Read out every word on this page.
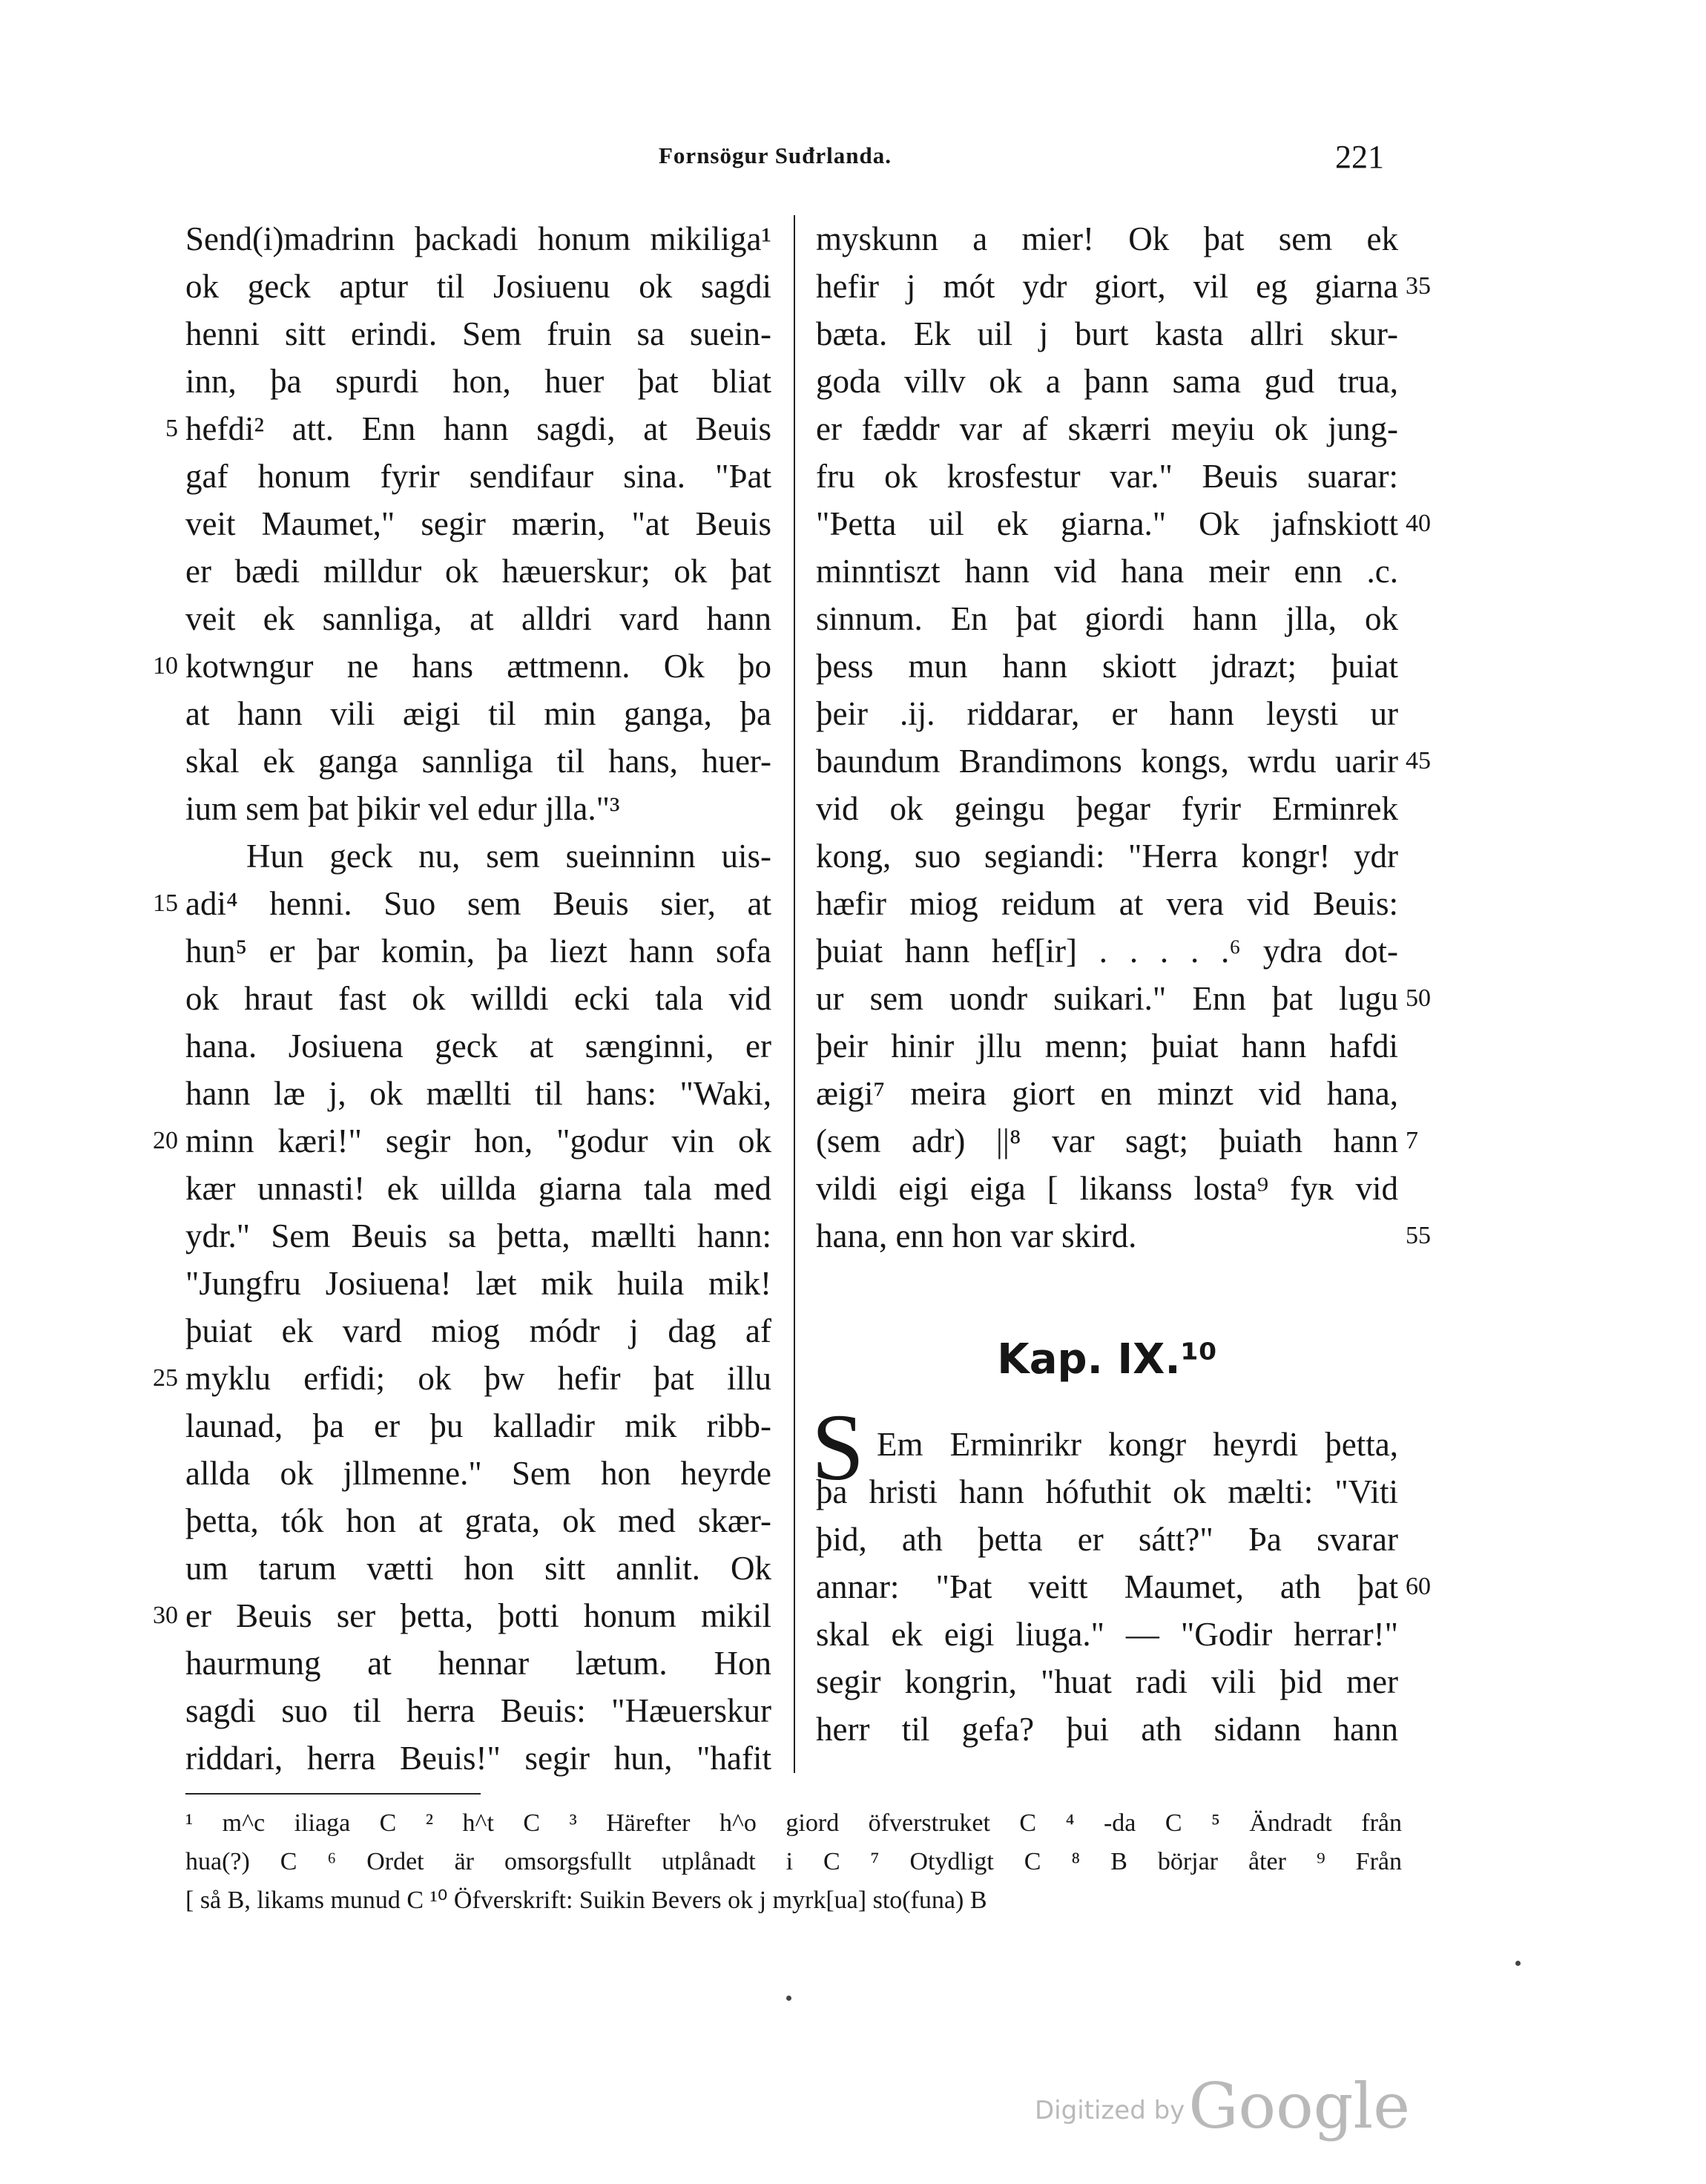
Fornsögur Suđrlanda.	221
Send(i)madrinn þackadi honum mikiliga¹
ok geck aptur til Josiuenu ok sagdi
henni sitt erindi. Sem fruin sa suein-
inn, þa spurdi hon, huer þat bliat
hefdi² att. Enn hann sagdi, at Beuis
gaf honum fyrir sendifaur sina. "Þat
veit Maumet," segir mærin, "at Beuis
er bædi milldur ok hæuerskur; ok þat
veit ek sannliga, at alldri vard hann
kotwngur ne hans ættmenn. Ok þo
at hann vili æigi til min ganga, þa
skal ek ganga sannliga til hans, huer-
ium sem þat þikir vel edur jlla."³
Hun geck nu, sem sueinninn uis-
adi⁴ henni. Suo sem Beuis sier, at
hun⁵ er þar komin, þa liezt hann sofa
ok hraut fast ok willdi ecki tala vid
hana. Josiuena geck at sænginni, er
hann læ j, ok mællti til hans: "Waki,
minn kæri!" segir hon, "godur vin ok
kær unnasti! ek uillda giarna tala med
ydr." Sem Beuis sa þetta, mællti hann:
"Jungfru Josiuena! læt mik huila mik!
þuiat ek vard miog módr j dag af
myklu erfidi; ok þw hefir þat illu
launad, þa er þu kalladir mik ribb-
allda ok jllmenne." Sem hon heyrde
þetta, tók hon at grata, ok med skær-
um tarum vætti hon sitt annlit. Ok
er Beuis ser þetta, þotti honum mikil
haurmung at hennar lætum. Hon
sagdi suo til herra Beuis: "Hæuerskur
riddari, herra Beuis!" segir hun, "hafit
5
10
15
20
25
30
myskunn a mier! Ok þat sem ek
hefir j mót ydr giort, vil eg giarna
bæta. Ek uil j burt kasta allri skur-
goda villv ok a þann sama gud trua,
er fæddr var af skærri meyiu ok jung-
fru ok krosfestur var." Beuis suarar:
"Þetta uil ek giarna." Ok jafnskiott
minntiszt hann vid hana meir enn .c.
sinnum. En þat giordi hann jlla, ok
þess mun hann skiott jdrazt; þuiat
þeir .ij. riddarar, er hann leysti ur
baundum Brandimons kongs, wrdu uarir
vid ok geingu þegar fyrir Erminrek
kong, suo segiandi: "Herra kongr! ydr
hæfir miog reidum at vera vid Beuis:
þuiat hann hef[ir] . . . . .⁶ ydra dot-
ur sem uondr suikari." Enn þat lugu
þeir hinir jllu menn; þuiat hann hafdi
æigi⁷ meira giort en minzt vid hana,
(sem adr) ||⁸ var sagt; þuiath hann
vildi eigi eiga [ likanss losta⁹ fyʀ vid
hana, enn hon var skird.
35
40
45
50
7
55
Kap. IX.¹⁰
S Em Erminrikr kongr heyrdi þetta,
þa hristi hann hófuthit ok mælti: "Viti
þid, ath þetta er sátt?" Þa svarar
annar: "Þat veitt Maumet, ath þat
skal ek eigi liuga." — "Godir herrar!"
segir kongrin, "huat radi vili þid mer
herr til gefa? þui ath sidann hann
60
¹ m^c iliaga C ² h^t C ³ Härefter h^o giord öfverstruket C ⁴ -da C ⁵ Ändradt från
hua(?) C ⁶ Ordet är omsorgsfullt utplånadt i C ⁷ Otydligt C ⁸ B börjar åter ⁹ Från
[ så B, likams munud C ¹⁰ Öfverskrift: Suikin Bevers ok j myrk[ua] sto(funa) B
Digitized by Google
